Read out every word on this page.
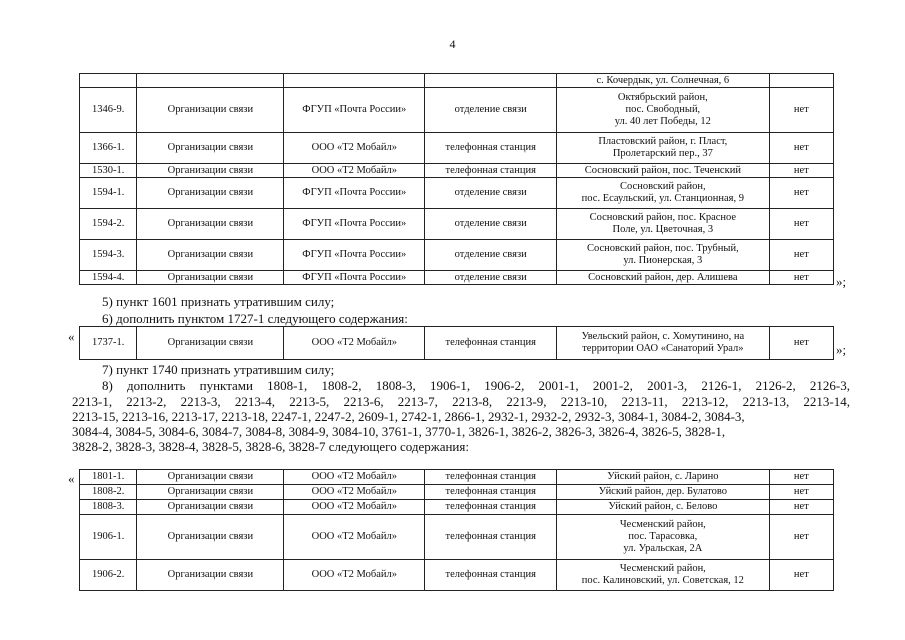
4

				с. Кочердык, ул. Солнечная, 6	

1346-9.	Организации связи	ФГУП «Почта России»	отделение связи	Октябрьский район,
пос. Свободный,
ул. 40 лет Победы, 12	нет
1366-1.	Организации связи	ООО «Т2 Мобайл»	телефонная станция	Пластовский район, г. Пласт,
Пролетарский пер., 37	нет
1530-1.	Организации связи	ООО «Т2 Мобайл»	телефонная станция	Сосновский район, пос. Теченский	нет
1594-1.	Организации связи	ФГУП «Почта России»	отделение связи	Сосновский район,
пос. Есаульский, ул. Станционная, 9	нет
1594-2.	Организации связи	ФГУП «Почта России»	отделение связи	Сосновский район, пос. Красное
Поле, ул. Цветочная, 3	нет
1594-3.	Организации связи	ФГУП «Почта России»	отделение связи	Сосновский район, пос. Трубный,
ул. Пионерская, 3	нет
1594-4.	Организации связи	ФГУП «Почта России»	отделение связи	Сосновский район, дер. Алишева	нет »;
5) пункт 1601 признать утратившим силу;
6) дополнить пунктом 1727-1 следующего содержания:
« 1737-1.	Организации связи	ООО «Т2 Мобайл»	телефонная станция	
Увельский район, с. Хомутинино, на
территории ОАО «Санаторий Урал»
	нет »;
7) пункт 1740 признать утратившим силу;
8) дополнить пунктами 1808-1, 1808-2, 1808-3, 1906-1, 1906-2, 2001-1, 2001-2, 2001-3, 2126-1, 2126-2, 2126-3,
2213-1, 2213-2, 2213-3, 2213-4, 2213-5, 2213-6, 2213-7, 2213-8, 2213-9, 2213-10, 2213-11, 2213-12, 2213-13, 2213-14,
2213-15, 2213-16, 2213-17, 2213-18, 2247-1, 2247-2, 2609-1, 2742-1, 2866-1, 2932-1, 2932-2, 2932-3, 3084-1, 3084-2, 3084-3,
3084-4, 3084-5, 3084-6, 3084-7, 3084-8, 3084-9, 3084-10, 3761-1, 3770-1, 3826-1, 3826-2, 3826-3, 3826-4, 3826-5, 3828-1,
3828-2, 3828-3, 3828-4, 3828-5, 3828-6, 3828-7 следующего содержания:
« 1801-1.	Организации связи	ООО «Т2 Мобайл»	телефонная станция	Уйский район, с. Ларино	нет
1808-2.	Организации связи	ООО «Т2 Мобайл»	телефонная станция	Уйский район, дер. Булатово	нет
1808-3.	Организации связи	ООО «Т2 Мобайл»	телефонная станция	Уйский район, с. Белово	нет
1906-1.	Организации связи	ООО «Т2 Мобайл»	телефонная станция	Чесменский район,
пос. Тарасовка,
ул. Уральская, 2А	нет
1906-2.	Организации связи	ООО «Т2 Мобайл»	телефонная станция	Чесменский район,
пос. Калиновский, ул. Советская, 12	нет
